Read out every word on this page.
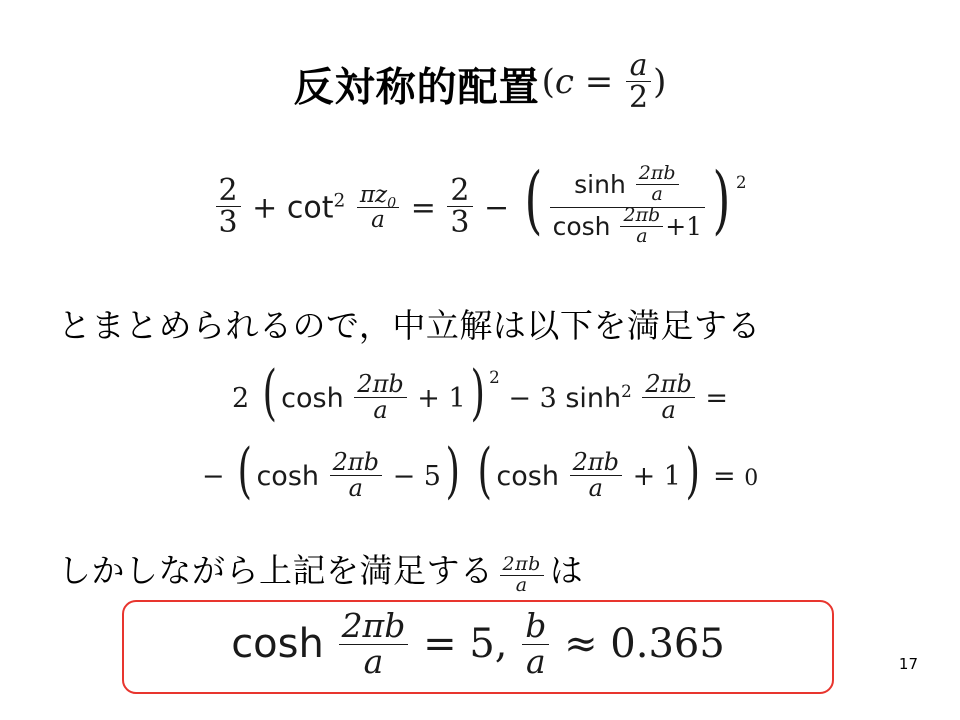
反対称的配置($c = \frac{a}{2}$ )
$\frac{2}{3} + \cot^2 \frac{\pi z_0}{a} = \frac{2}{3}$ − ( $\frac{\sinh \frac{2\pi b}{a}}{\cosh \frac{2\pi b}{a} +1}$ ) $^2$
とまとめられるので，中立解は以下を満足する
2 ( $\cosh \frac{2\pi b}{a} + 1$) $^2$ − 3 $\sinh^2 \frac{2\pi b}{a}$ =
− ( $\cosh \frac{2\pi b}{a} - 5$) ( $\cosh \frac{2\pi b}{a} + 1) = 0$
しかしながら上記を満足する $\frac{2\pi b}{a}$ は
$\cosh \frac{2\pi b}{a} = 5$, $\frac{b}{a} \approx 0.365$	17
